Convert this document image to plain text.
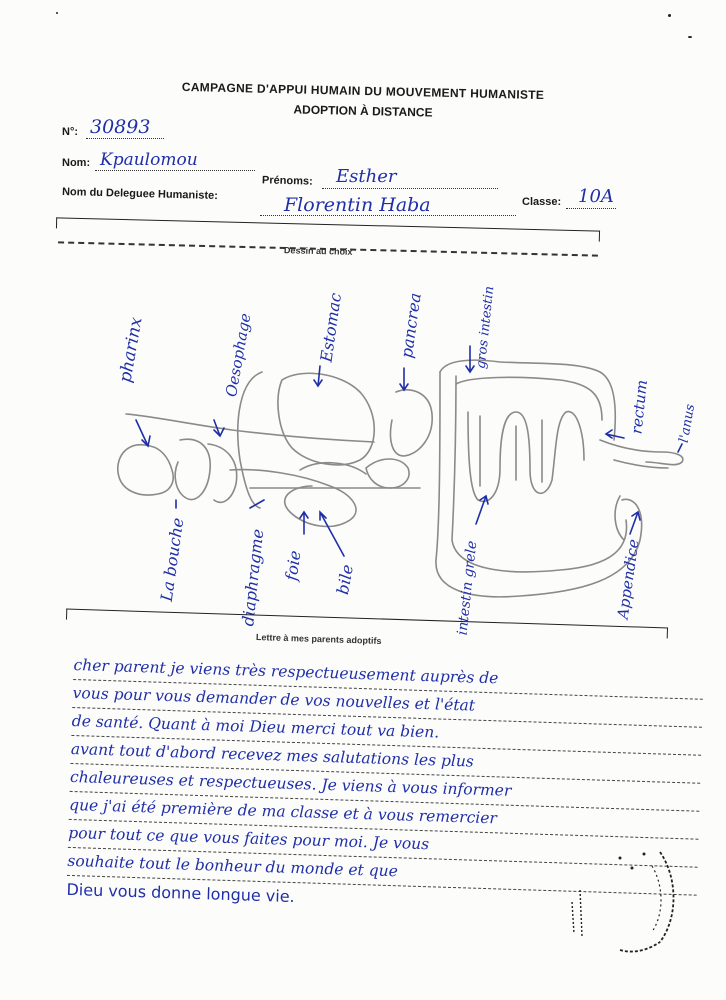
CAMPAGNE D'APPUI HUMAIN DU MOUVEMENT HUMANISTE
ADOPTION À DISTANCE
N°: 30893
Nom: Kpaulomou
Prénoms: Esther
Nom du Deleguee Humaniste:	Florentin Haba	Classe: 10A
Dessin au choix
pharinx	Oesophage	Estomac	pancrea	gros intestin
rectum l'anus
La bouche	diaphragme foie bile	intestin grele	Appendice
Lettre à mes parents adoptifs
cher parent je viens très respectueusement auprès de
vous pour vous demander de vos nouvelles et l'état
de santé. Quant à moi Dieu merci tout va bien.
avant tout d'abord recevez mes salutations les plus
chaleureuses et respectueuses. Je viens à vous informer
que j'ai été première de ma classe et à vous remercier
pour tout ce que vous faites pour moi. Je vous
souhaite tout le bonheur du monde et que
Dieu vous donne longue vie.
